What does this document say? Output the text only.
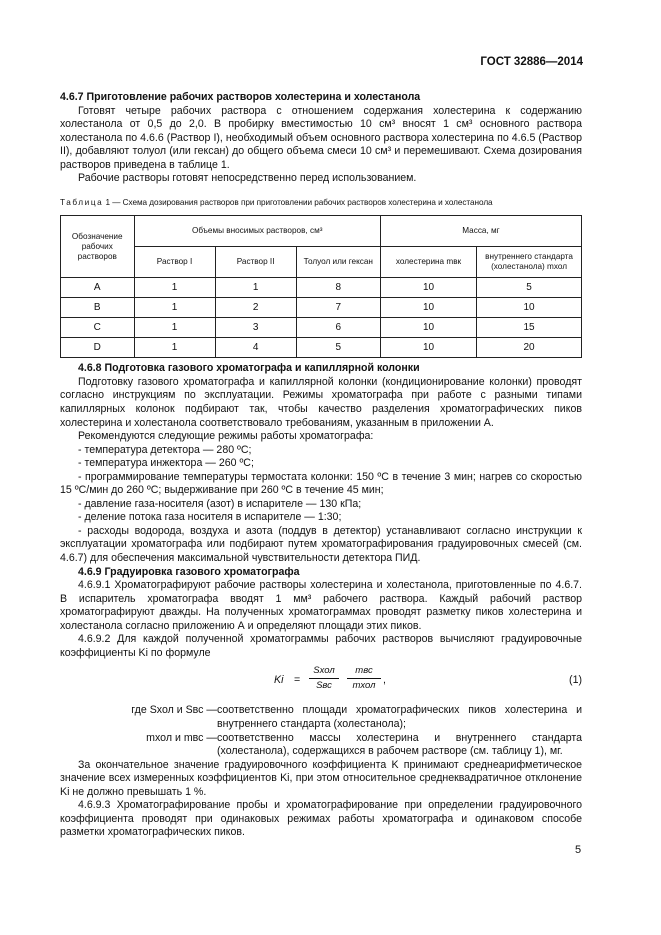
ГОСТ 32886—2014

4.6.7 Приготовление рабочих растворов холестерина и холестанола

Готовят четыре рабочих раствора с отношением содержания холестерина к содержанию холестанола от 0,5 до 2,0. В пробирку вместимостью 10 см³ вносят 1 см³ основного раствора холестанола по 4.6.6 (Раствор I), необходимый объем основного раствора холестерина по 4.6.5 (Раствор II), добавляют толуол (или гексан) до общего объема смеси 10 см³ и перемешивают. Схема дозирования растворов приведена в таблице 1.

Рабочие растворы готовят непосредственно перед использованием.

Таблица 1 — Схема дозирования растворов при приготовлении рабочих растворов холестерина и холестанола
Обозначение рабочих растворов	Объемы вносимых растворов, см³			Масса, мг	
	Раствор I	Раствор II	Толуол или гексан	холестерина mвк	внутреннего стандарта (холестанола) mхол
A	1	1	8	10	5
B	1	2	7	10	10
C	1	3	6	10	15
D	1	4	5	10	20

4.6.8 Подготовка газового хроматографа и капиллярной колонки

Подготовку газового хроматографа и капиллярной колонки (кондиционирование колонки) проводят согласно инструкциям по эксплуатации. Режимы хроматографа при работе с разными типами капиллярных колонок подбирают так, чтобы качество разделения хроматографических пиков холестерина и холестанола соответствовало требованиям, указанным в приложении А.

Рекомендуются следующие режимы работы хроматографа:

- температура детектора — 280 ºС;
- температура инжектора — 260 ºС;
- программирование температуры термостата колонки: 150 ºС в течение 3 мин; нагрев со скоростью 15 ºС/мин до 260 ºС; выдерживание при 260 ºС в течение 45 мин;
- давление газа-носителя (азот) в испарителе — 130 кПа;
- деление потока газа носителя в испарителе — 1:30;
- расходы водорода, воздуха и азота (поддув в детектор) устанавливают согласно инструкции к эксплуатации хроматографа или подбирают путем хроматографирования градуировочных смесей (см. 4.6.7) для обеспечения максимальной чувствительности детектора ПИД.

4.6.9 Градуировка газового хроматографа

4.6.9.1 Хроматографируют рабочие растворы холестерина и холестанола, приготовленные по 4.6.7. В испаритель хроматографа вводят 1 мм³ рабочего раствора. Каждый рабочий раствор хроматографируют дважды. На полученных хроматограммах проводят разметку пиков холестерина и холестанола согласно приложению А и определяют площади этих пиков.

4.6.9.2 Для каждой полученной хроматограммы рабочих растворов вычисляют градуировочные коэффициенты Ki по формуле

Ki =
Sхол
Sвс
mвс
mхол ,	(1)
где Sхол и Sвс — соответственно площади хроматографических пиков холестерина и внутреннего стандарта (холестанола);
mхол и mвс — соответственно массы холестерина и внутреннего стандарта (холестанола), содержащихся в рабочем растворе (см. таблицу 1), мг.

За окончательное значение градуировочного коэффициента K принимают среднеарифметическое значение всех измеренных коэффициентов Ki, при этом относительное среднеквадратичное отклонение Ki не должно превышать 1 %.

4.6.9.3 Хроматографирование пробы и хроматографирование при определении градуировочного коэффициента проводят при одинаковых режимах работы хроматографа и одинаковом способе разметки хроматографических пиков.

5
